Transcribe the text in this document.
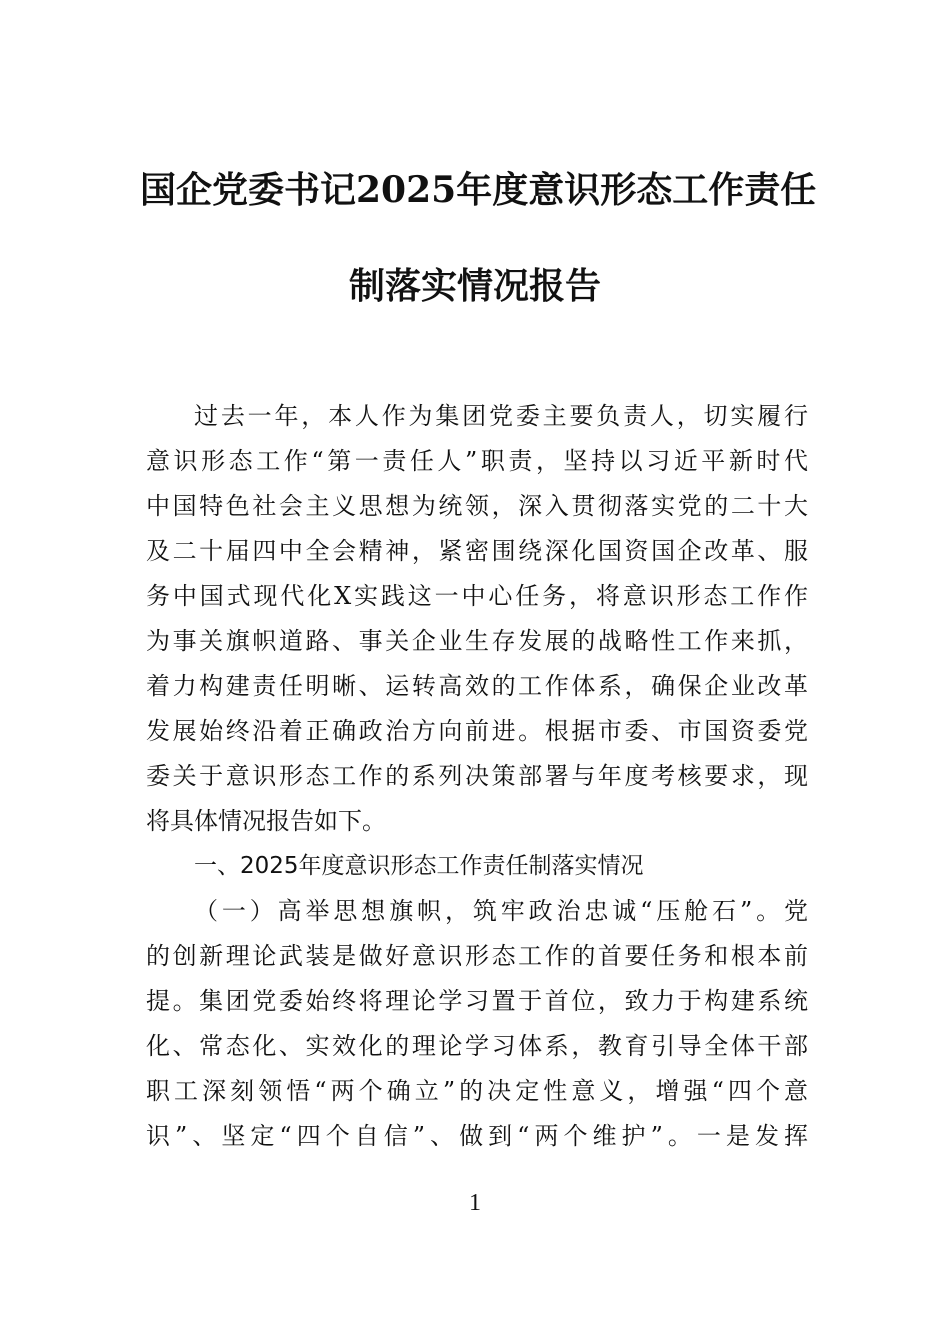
国企党委书记2025年度意识形态工作责任
制落实情况报告
过去一年，本人作为集团党委主要负责人，切实履行
意识形态工作“第一责任人”职责，坚持以习近平新时代
中国特色社会主义思想为统领，深入贯彻落实党的二十大
及二十届四中全会精神，紧密围绕深化国资国企改革、服
务中国式现代化X实践这一中心任务，将意识形态工作作
为事关旗帜道路、事关企业生存发展的战略性工作来抓，
着力构建责任明晰、运转高效的工作体系，确保企业改革
发展始终沿着正确政治方向前进。根据市委、市国资委党
委关于意识形态工作的系列决策部署与年度考核要求，现
将具体情况报告如下。
一、2025年度意识形态工作责任制落实情况
（一）高举思想旗帜，筑牢政治忠诚“压舱石”。党
的创新理论武装是做好意识形态工作的首要任务和根本前
提。集团党委始终将理论学习置于首位，致力于构建系统
化、常态化、实效化的理论学习体系，教育引导全体干部
职工深刻领悟“两个确立”的决定性意义，增强“四个意
识”、坚定“四个自信”、做到“两个维护”。一是发挥
1
